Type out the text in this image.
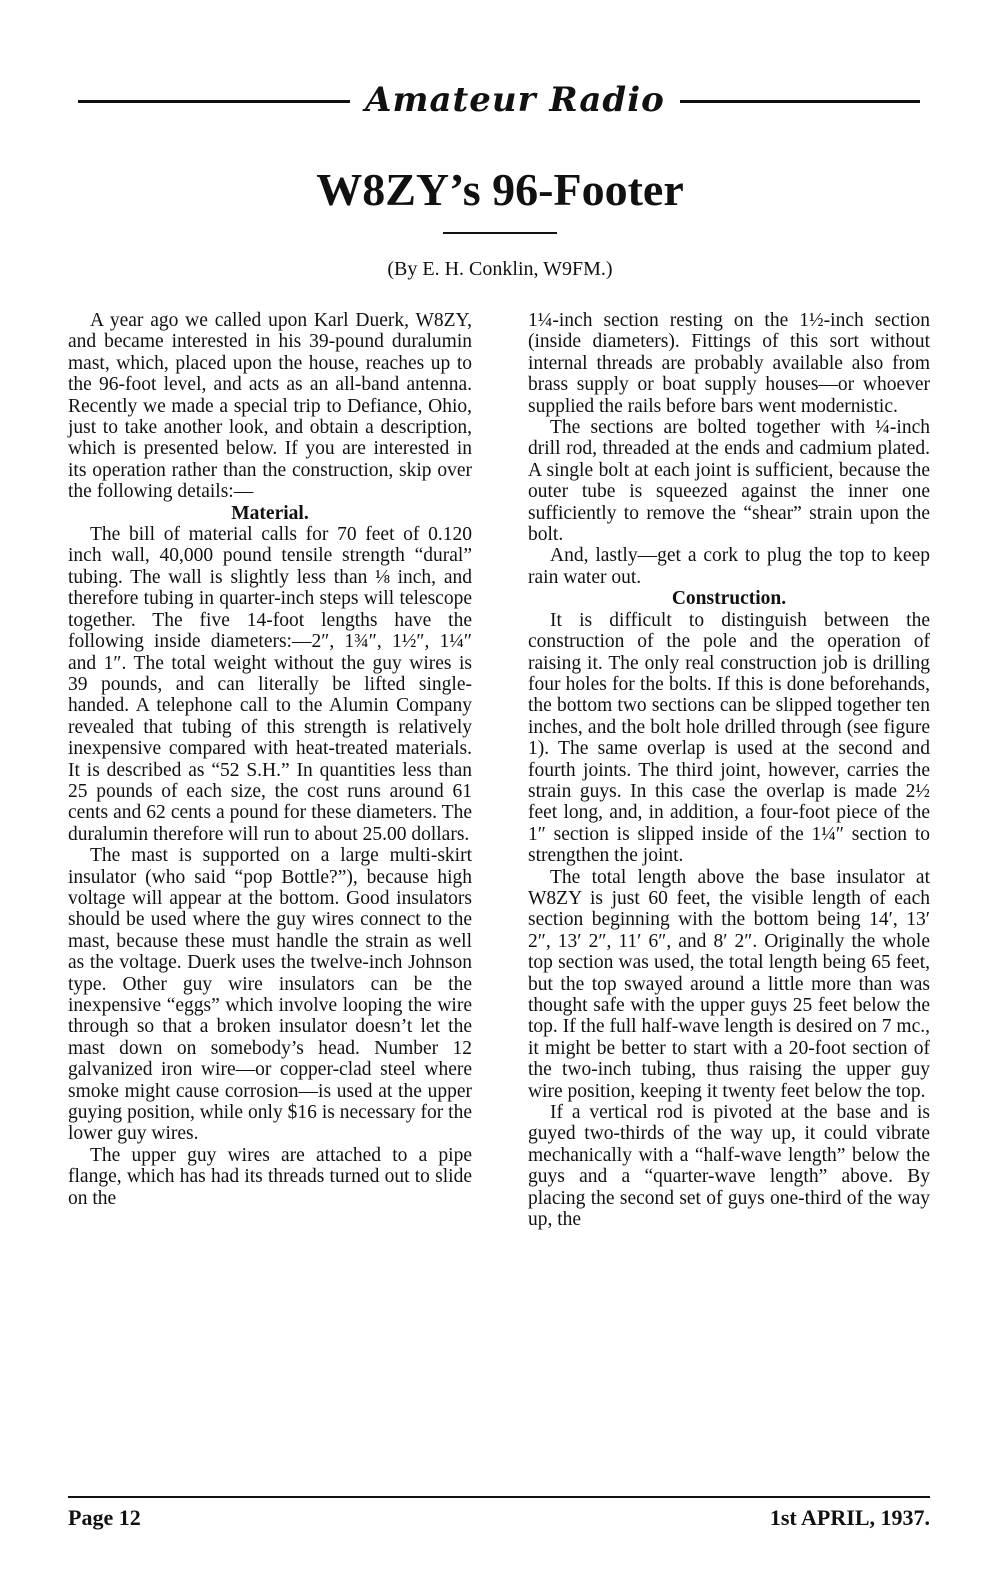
Amateur Radio
W8ZY’s 96-Footer
(By E. H. Conklin, W9FM.)

A year ago we called upon Karl Duerk, W8ZY, and became interested in his 39-pound duralumin mast, which, placed upon the house, reaches up to the 96-foot level, and acts as an all-band antenna. Recently we made a special trip to Defiance, Ohio, just to take another look, and obtain a description, which is presented below. If you are interested in its operation rather than the construction, skip over the following details:—

Material.

The bill of material calls for 70 feet of 0.120 inch wall, 40,000 pound tensile strength “dural” tubing. The wall is slightly less than ⅛ inch, and therefore tubing in quarter-inch steps will telescope together. The five 14-foot lengths have the following inside diameters:—2″, 1¾″, 1½″, 1¼″ and 1″. The total weight without the guy wires is 39 pounds, and can literally be lifted single-handed. A telephone call to the Alumin Company revealed that tubing of this strength is relatively inexpensive compared with heat-treated materials. It is described as “52 S.H.” In quantities less than 25 pounds of each size, the cost runs around 61 cents and 62 cents a pound for these diameters. The duralumin therefore will run to about 25.00 dollars.

The mast is supported on a large multi-skirt insulator (who said “pop Bottle?”), because high voltage will appear at the bottom. Good insulators should be used where the guy wires connect to the mast, because these must handle the strain as well as the voltage. Duerk uses the twelve-inch Johnson type. Other guy wire insulators can be the inexpensive “eggs” which involve looping the wire through so that a broken insulator doesn’t let the mast down on somebody’s head. Number 12 galvanized iron wire—or copper-clad steel where smoke might cause corrosion—is used at the upper guying position, while only $16 is necessary for the lower guy wires.

The upper guy wires are attached to a pipe flange, which has had its threads turned out to slide on the

1¼-inch section resting on the 1½-inch section (inside diameters). Fittings of this sort without internal threads are probably available also from brass supply or boat supply houses—or whoever supplied the rails before bars went modernistic.

The sections are bolted together with ¼-inch drill rod, threaded at the ends and cadmium plated. A single bolt at each joint is sufficient, because the outer tube is squeezed against the inner one sufficiently to remove the “shear” strain upon the bolt.

And, lastly—get a cork to plug the top to keep rain water out.

Construction.

It is difficult to distinguish between the construction of the pole and the operation of raising it. The only real construction job is drilling four holes for the bolts. If this is done beforehands, the bottom two sections can be slipped together ten inches, and the bolt hole drilled through (see figure 1). The same overlap is used at the second and fourth joints. The third joint, however, carries the strain guys. In this case the overlap is made 2½ feet long, and, in addition, a four-foot piece of the 1″ section is slipped inside of the 1¼″ section to strengthen the joint.

The total length above the base insulator at W8ZY is just 60 feet, the visible length of each section beginning with the bottom being 14′, 13′ 2″, 13′ 2″, 11′ 6″, and 8′ 2″. Originally the whole top section was used, the total length being 65 feet, but the top swayed around a little more than was thought safe with the upper guys 25 feet below the top. If the full half-wave length is desired on 7 mc., it might be better to start with a 20-foot section of the two-inch tubing, thus raising the upper guy wire position, keeping it twenty feet below the top.

If a vertical rod is pivoted at the base and is guyed two-thirds of the way up, it could vibrate mechanically with a “half-wave length” below the guys and a “quarter-wave length” above. By placing the second set of guys one-third of the way up, the

Page 12	1st APRIL, 1937.
